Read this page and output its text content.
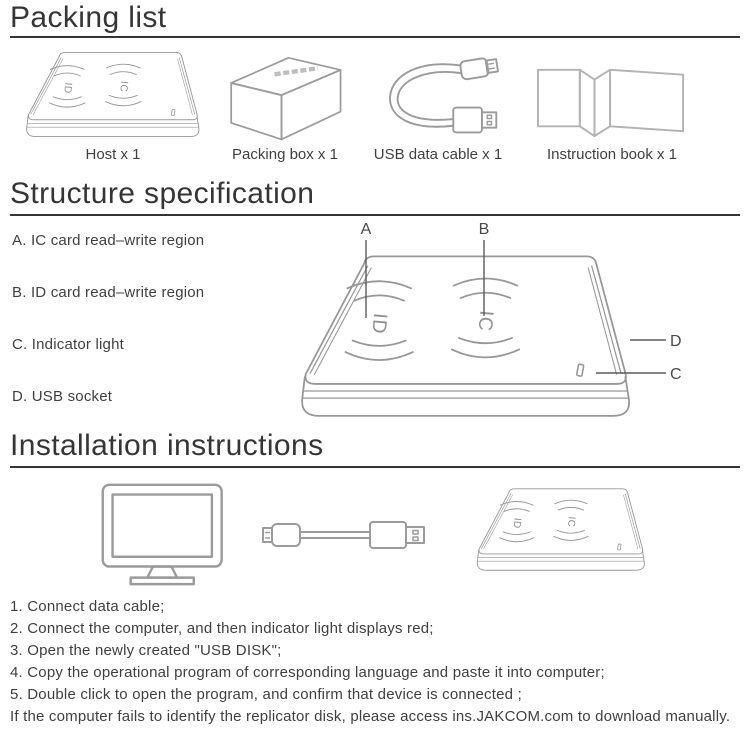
Packing list
Host x 1	Packing box x 1	USB data cable x 1	Instruction book x 1
Structure specification
A. IC card read–write region
B. ID card read–write region
C. Indicator light
D. USB socket
A	B
D
C
Installation instructions
1. Connect data cable;
2. Connect the computer, and then indicator light displays red;
3. Open the newly created "USB DISK";
4. Copy the operational program of corresponding language and paste it into computer;
5. Double click to open the program, and confirm that device is connected ;
If the computer fails to identify the replicator disk, please access ins.JAKCOM.com to download manually.
